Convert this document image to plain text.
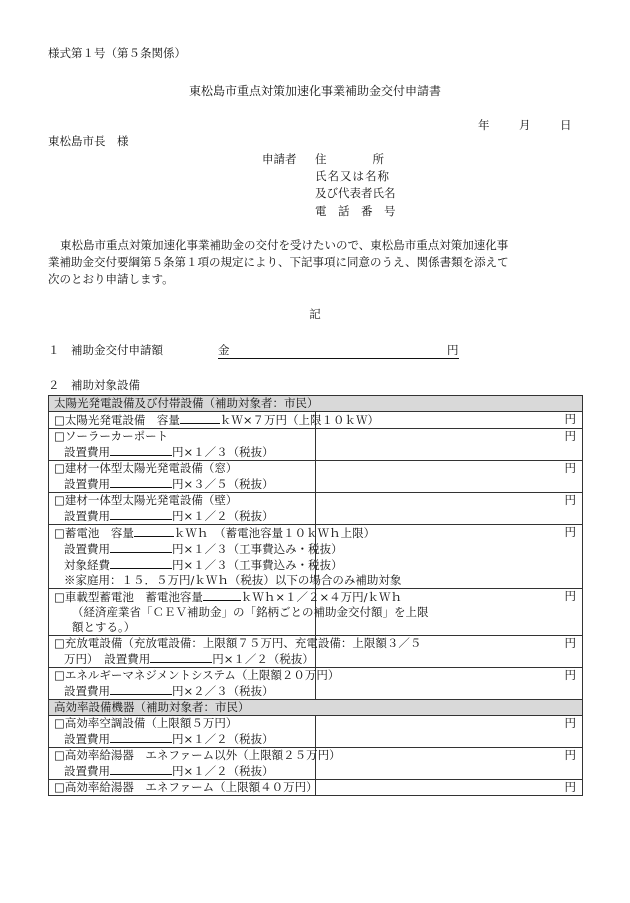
様式第１号（第５条関係）
東松島市重点対策加速化事業補助金交付申請書
年	月	日
東松島市長　様
申請者 住　　　　所
氏名又は名称
及び代表者氏名
電　話　番　号
東松島市重点対策加速化事業補助金の交付を受けたいので、東松島市重点対策加速化事
業補助金交付要綱第５条第１項の規定により、下記事項に同意のうえ、関係書類を添えて
次のとおり申請します。
記
１　補助金交付申請額	金	円
２　補助対象設備
太陽光発電設備及び付帯設備（補助対象者：市民）	

□太陽光発電設備　容量 ｋＷ×７万円（上限１０ｋＷ）	円

□ソーラーカーポート
設置費用 円×１／３（税抜）	円

□建材一体型太陽光発電設備（窓）
設置費用 円×３／５（税抜）	円

□建材一体型太陽光発電設備（壁）
設置費用 円×１／２（税抜）	円

□蓄電池　容量 ｋＷｈ　（蓄電池容量１０ｋＷｈ上限）
設置費用 円×１／３（工事費込み・税抜）
対象経費 円×１／３（工事費込み・税抜）
※家庭用：１５．５万円/ｋＷｈ（税抜）以下の場合のみ補助対象	円

□車載型蓄電池　蓄電池容量 ｋＷｈ×１／２×４万円/ｋＷｈ
（経済産業省「ＣＥＶ補助金」の「銘柄ごとの補助金交付額」を上限
額とする。）	円

□充放電設備（充放電設備：上限額７５万円、充電設備：上限額３／５
万円）　設置費用 円×１／２（税抜）	円

□エネルギーマネジメントシステム（上限額２０万円）
設置費用 円×２／３（税抜）	円
高効率設備機器（補助対象者：市民）	

□高効率空調設備（上限額５万円）
設置費用 円×１／２（税抜）	円

□高効率給湯器　エネファーム以外（上限額２５万円）
設置費用 円×１／２（税抜）	円

□高効率給湯器　エネファーム（上限額４０万円）	円
